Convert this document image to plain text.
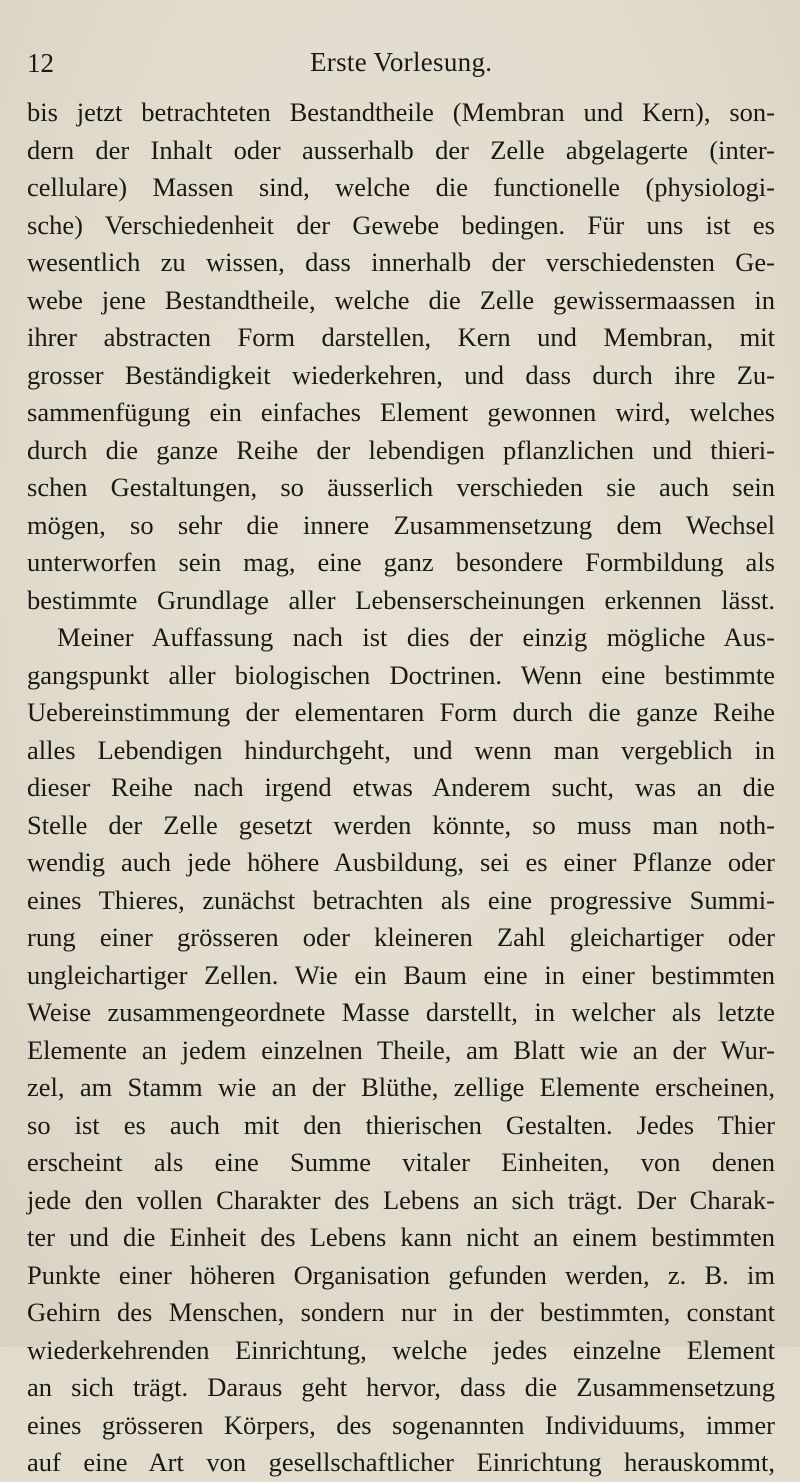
12	Erste Vorlesung.
bis jetzt betrachteten Bestandtheile (Membran und Kern), son-
dern der Inhalt oder ausserhalb der Zelle abgelagerte (inter-
cellulare) Massen sind, welche die functionelle (physiologi-
sche) Verschiedenheit der Gewebe bedingen. Für uns ist es
wesentlich zu wissen, dass innerhalb der verschiedensten Ge-
webe jene Bestandtheile, welche die Zelle gewissermaassen in
ihrer abstracten Form darstellen, Kern und Membran, mit
grosser Beständigkeit wiederkehren, und dass durch ihre Zu-
sammenfügung ein einfaches Element gewonnen wird, welches
durch die ganze Reihe der lebendigen pflanzlichen und thieri-
schen Gestaltungen, so äusserlich verschieden sie auch sein
mögen, so sehr die innere Zusammensetzung dem Wechsel
unterworfen sein mag, eine ganz besondere Formbildung als
bestimmte Grundlage aller Lebenserscheinungen erkennen lässt.
Meiner Auffassung nach ist dies der einzig mögliche Aus-
gangspunkt aller biologischen Doctrinen. Wenn eine bestimmte
Uebereinstimmung der elementaren Form durch die ganze Reihe
alles Lebendigen hindurchgeht, und wenn man vergeblich in
dieser Reihe nach irgend etwas Anderem sucht, was an die
Stelle der Zelle gesetzt werden könnte, so muss man noth-
wendig auch jede höhere Ausbildung, sei es einer Pflanze oder
eines Thieres, zunächst betrachten als eine progressive Summi-
rung einer grösseren oder kleineren Zahl gleichartiger oder
ungleichartiger Zellen. Wie ein Baum eine in einer bestimmten
Weise zusammengeordnete Masse darstellt, in welcher als letzte
Elemente an jedem einzelnen Theile, am Blatt wie an der Wur-
zel, am Stamm wie an der Blüthe, zellige Elemente erscheinen,
so ist es auch mit den thierischen Gestalten. Jedes Thier
erscheint als eine Summe vitaler Einheiten, von denen
jede den vollen Charakter des Lebens an sich trägt. Der Charak-
ter und die Einheit des Lebens kann nicht an einem bestimmten
Punkte einer höheren Organisation gefunden werden, z. B. im
Gehirn des Menschen, sondern nur in der bestimmten, constant
wiederkehrenden Einrichtung, welche jedes einzelne Element
an sich trägt. Daraus geht hervor, dass die Zusammensetzung
eines grösseren Körpers, des sogenannten Individuums, immer
auf eine Art von gesellschaftlicher Einrichtung herauskommt,
